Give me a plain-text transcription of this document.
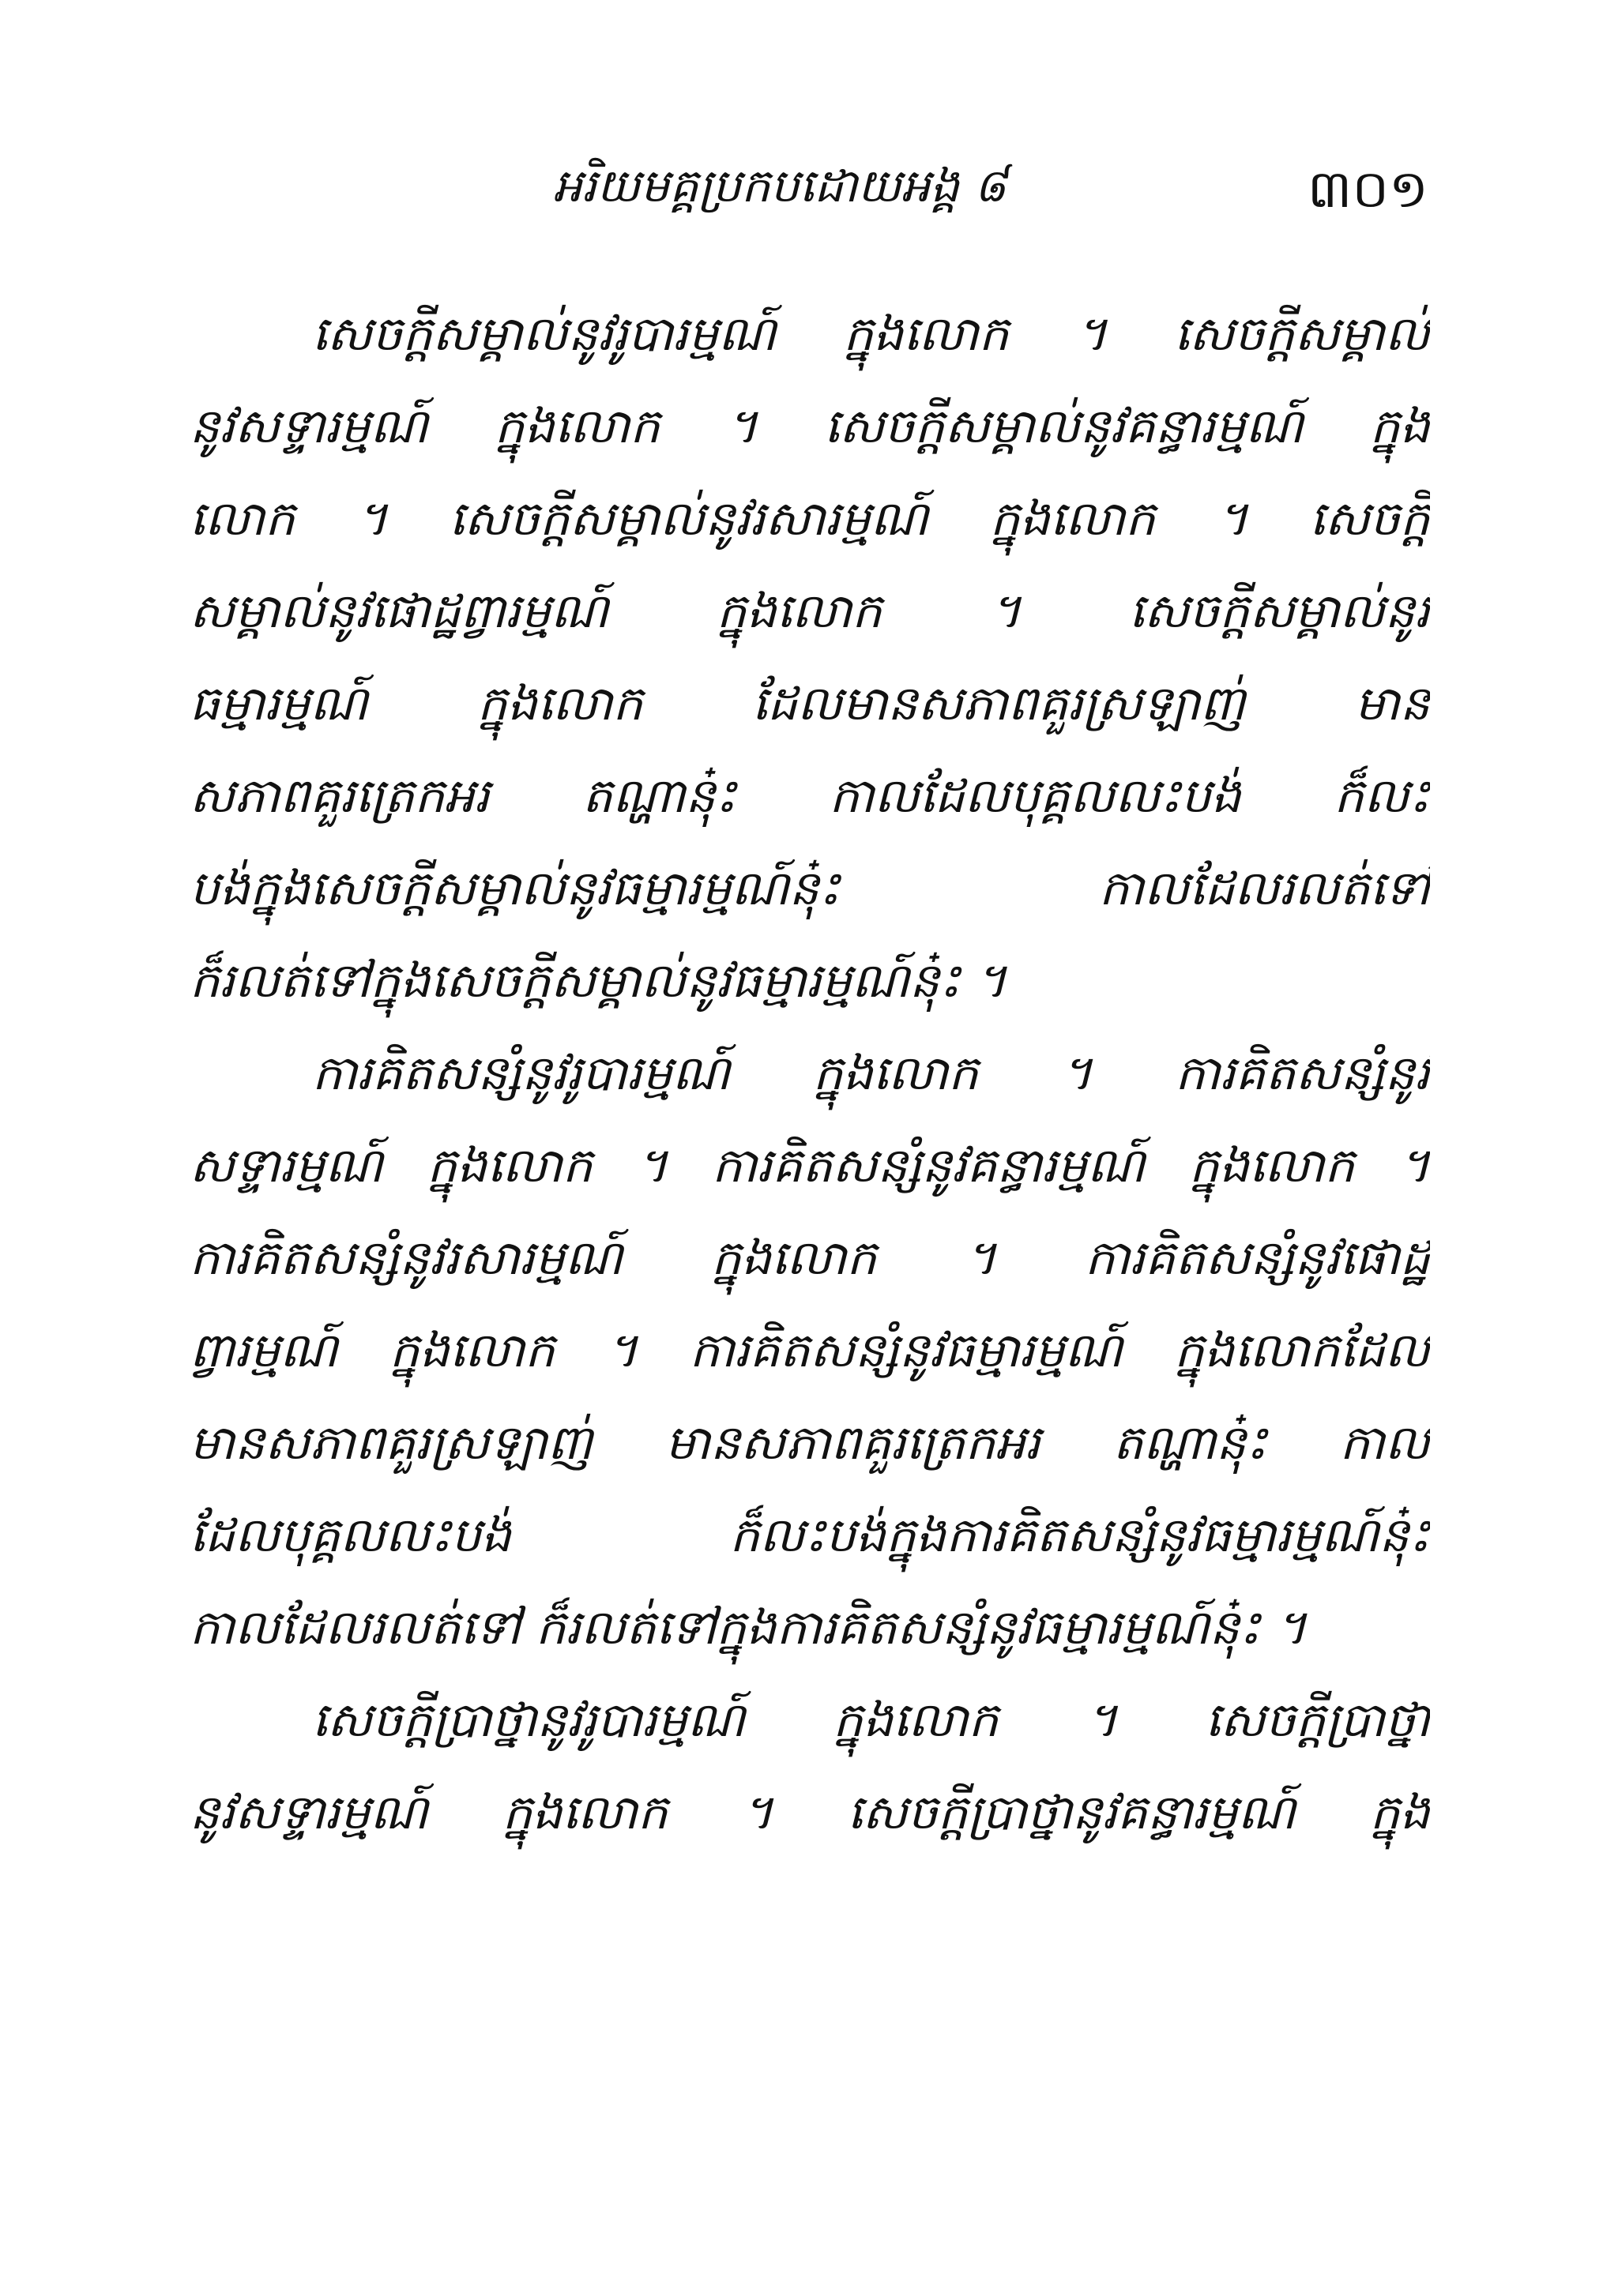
អរិយមគ្គប្រកបដោយអង្គ ៨	៣០១

សេចក្ដីសម្គាល់នូវរូបារម្មណ៍ ក្នុងលោក ។ សេចក្ដីសម្គាល់
នូវសទ្ទារម្មណ៍ ក្នុងលោក ។ សេចក្ដីសម្គាល់នូវគន្ធារម្មណ៍ ក្នុង
លោក ។ សេចក្ដីសម្គាល់នូវរសារម្មណ៍ ក្នុងលោក ។ សេចក្ដី
សម្គាល់នូវផោដ្ឋព្វារម្មណ៍ ក្នុងលោក ។ សេចក្ដីសម្គាល់នូវ
ធម្មារម្មណ៍ ក្នុងលោក ដែលមានសភាពគួរស្រឡាញ់ មាន
សភាពគួរត្រេកអរ តណ្ហានុ៎ះ កាលដែលបុគ្គលលះបង់ ក៏លះ
បង់ក្នុងសេចក្ដីសម្គាល់នូវធម្មារម្មណ៍នុ៎ះ កាលដែលរលត់ទៅ
ក៏រលត់ទៅក្នុងសេចក្ដីសម្គាល់នូវធម្មារម្មណ៍នុ៎ះ ។

ការគិតសន្សំនូវរូបារម្មណ៍ ក្នុងលោក ។ ការគិតសន្សំនូវ
សទ្ទារម្មណ៍ ក្នុងលោក ។ ការគិតសន្សំនូវគន្ធារម្មណ៍ ក្នុងលោក ។
ការគិតសន្សំនូវរសារម្មណ៍ ក្នុងលោក ។ ការគិតសន្សំនូវផោដ្ឋ
ព្វារម្មណ៍ ក្នុងលោក ។ ការគិតសន្សំនូវធម្មារម្មណ៍ ក្នុងលោកដែល
មានសភាពគួរស្រឡាញ់ មានសភាពគួរត្រេកអរ តណ្ហានុ៎ះ កាល
ដែលបុគ្គលលះបង់ ក៏លះបង់ក្នុងការគិតសន្សំនូវធម្មារម្មណ៍នុ៎ះ
កាលដែលរលត់ទៅ ក៏រលត់ទៅក្នុងការគិតសន្សំនូវធម្មារម្មណ៍នុ៎ះ ។

សេចក្ដីប្រាថ្នានូវរូបារម្មណ៍ ក្នុងលោក ។ សេចក្ដីប្រាថ្នា
នូវសទ្ទារម្មណ៍ ក្នុងលោក ។ សេចក្ដីប្រាថ្នានូវគន្ធារម្មណ៍ ក្នុង
